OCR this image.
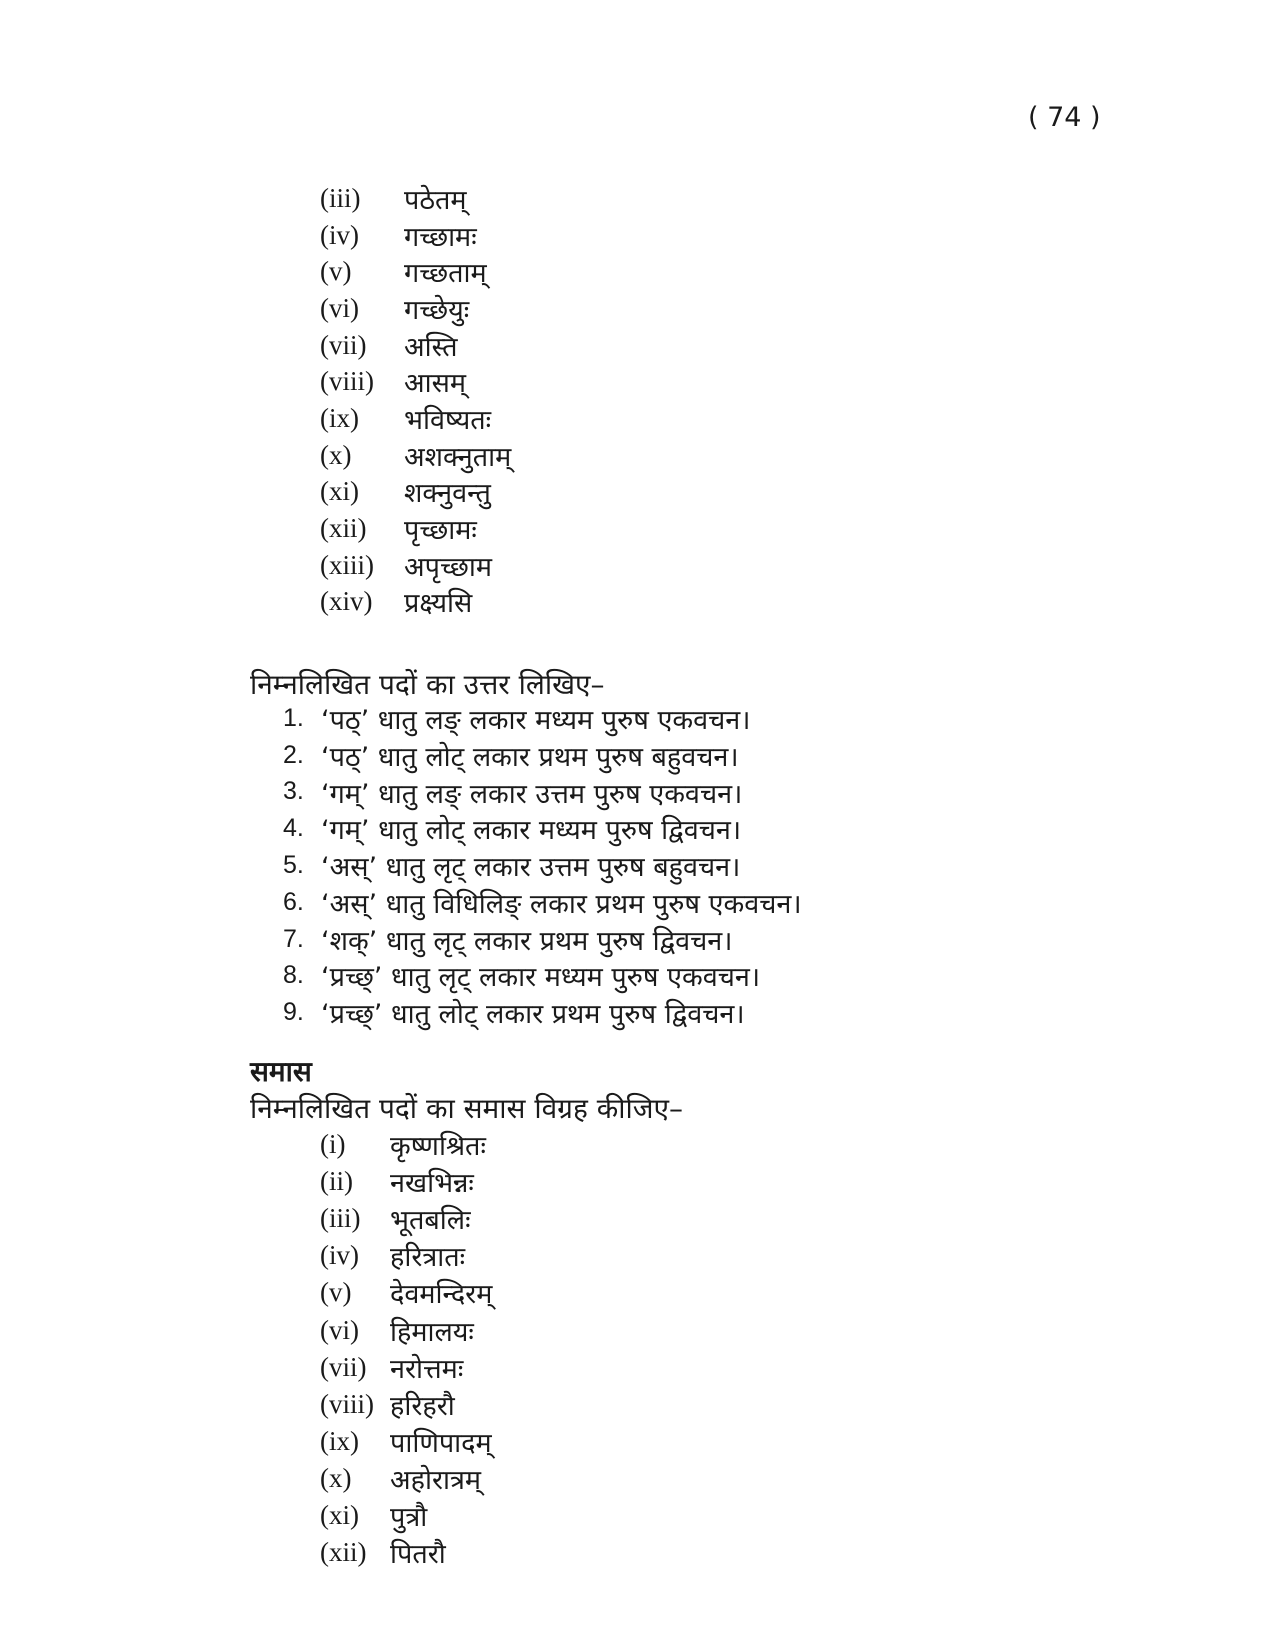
( 74 )
(iii)	पठेतम्
(iv)	गच्छामः
(v)	गच्छताम्
(vi)	गच्छेयुः
(vii)	अस्ति
(viii)	आसम्
(ix)	भविष्यतः
(x)	अशक्नुताम्
(xi)	शक्नुवन्तु
(xii)	पृच्छामः
(xiii)	अपृच्छाम
(xiv)	प्रक्ष्यसि
निम्नलिखित पदों का उत्तर लिखिए–
1. ‘पठ्’ धातु लङ् लकार मध्यम पुरुष एकवचन।
2. ‘पठ्’ धातु लोट् लकार प्रथम पुरुष बहुवचन।
3. ‘गम्’ धातु लङ् लकार उत्तम पुरुष एकवचन।
4. ‘गम्’ धातु लोट् लकार मध्यम पुरुष द्विवचन।
5. ‘अस्’ धातु लृट् लकार उत्तम पुरुष बहुवचन।
6. ‘अस्’ धातु विधिलिङ् लकार प्रथम पुरुष एकवचन।
7. ‘शक्’ धातु लृट् लकार प्रथम पुरुष द्विवचन।
8. ‘प्रच्छ्’ धातु लृट् लकार मध्यम पुरुष एकवचन।
9. ‘प्रच्छ्’ धातु लोट् लकार प्रथम पुरुष द्विवचन।
समास
निम्नलिखित पदों का समास विग्रह कीजिए–
(i)	कृष्णश्रितः
(ii)	नखभिन्नः
(iii)	भूतबलिः
(iv)	हरित्रातः
(v)	देवमन्दिरम्
(vi)	हिमालयः
(vii) नरोत्तमः
(viii) हरिहरौ
(ix)	पाणिपादम्
(x)	अहोरात्रम्
(xi)	पुत्रौ
(xii) पितरौ
